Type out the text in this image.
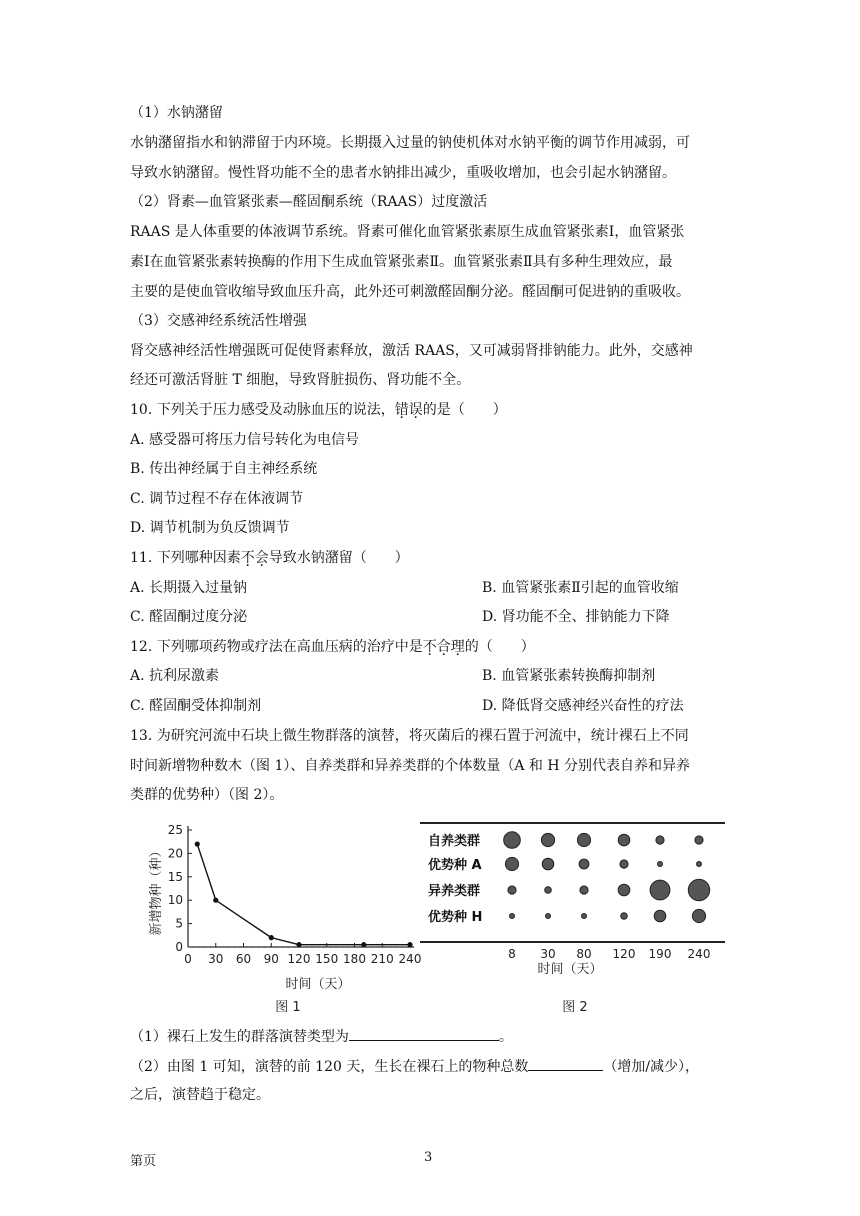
（1）水钠潴留
水钠潴留指水和钠滞留于内环境。长期摄入过量的钠使机体对水钠平衡的调节作用减弱，可
导致水钠潴留。慢性肾功能不全的患者水钠排出减少，重吸收增加，也会引起水钠潴留。
（2）肾素—血管紧张素—醛固酮系统（RAAS）过度激活
RAAS 是人体重要的体液调节系统。肾素可催化血管紧张素原生成血管紧张素Ⅰ，血管紧张
素Ⅰ在血管紧张素转换酶的作用下生成血管紧张素Ⅱ。血管紧张素Ⅱ具有多种生理效应，最
主要的是使血管收缩导致血压升高，此外还可刺激醛固酮分泌。醛固酮可促进钠的重吸收。
（3）交感神经系统活性增强
肾交感神经活性增强既可促使肾素释放，激活 RAAS，又可减弱肾排钠能力。此外，交感神
经还可激活肾脏 T 细胞，导致肾脏损伤、肾功能不全。
10. 下列关于压力感受及动脉血压的说法，错误的是（　　）
A. 感受器可将压力信号转化为电信号
B. 传出神经属于自主神经系统
C. 调节过程不存在体液调节
D. 调节机制为负反馈调节
11. 下列哪种因素不会导致水钠潴留（　　）
A. 长期摄入过量钠	B. 血管紧张素Ⅱ引起的血管收缩
C. 醛固酮过度分泌	D. 肾功能不全、排钠能力下降
12. 下列哪项药物或疗法在高血压病的治疗中是不合理的（　　）
A. 抗利尿激素	B. 血管紧张素转换酶抑制剂
C. 醛固酮受体抑制剂	D. 降低肾交感神经兴奋性的疗法
13. 为研究河流中石块上微生物群落的演替，将灭菌后的裸石置于河流中，统计裸石上不同
时间新增物种数木（图 1）、自养类群和异养类群的个体数量（A 和 H 分别代表自养和异养
类群的优势种）（图 2）。
0
5
10
15
20
25
0 30 60 90 120 150 180 210 240
时间（天）
新增物种（种）
图 1
自养类群
优势种 A
异养类群
优势种 H
8 30 80 120 190 240
时间（天）
图 2
（1）裸石上发生的群落演替类型为	。
（2）由图 1 可知，演替的前 120 天，生长在裸石上的物种总数	（增加/减少），
之后，演替趋于稳定。
第页	3
